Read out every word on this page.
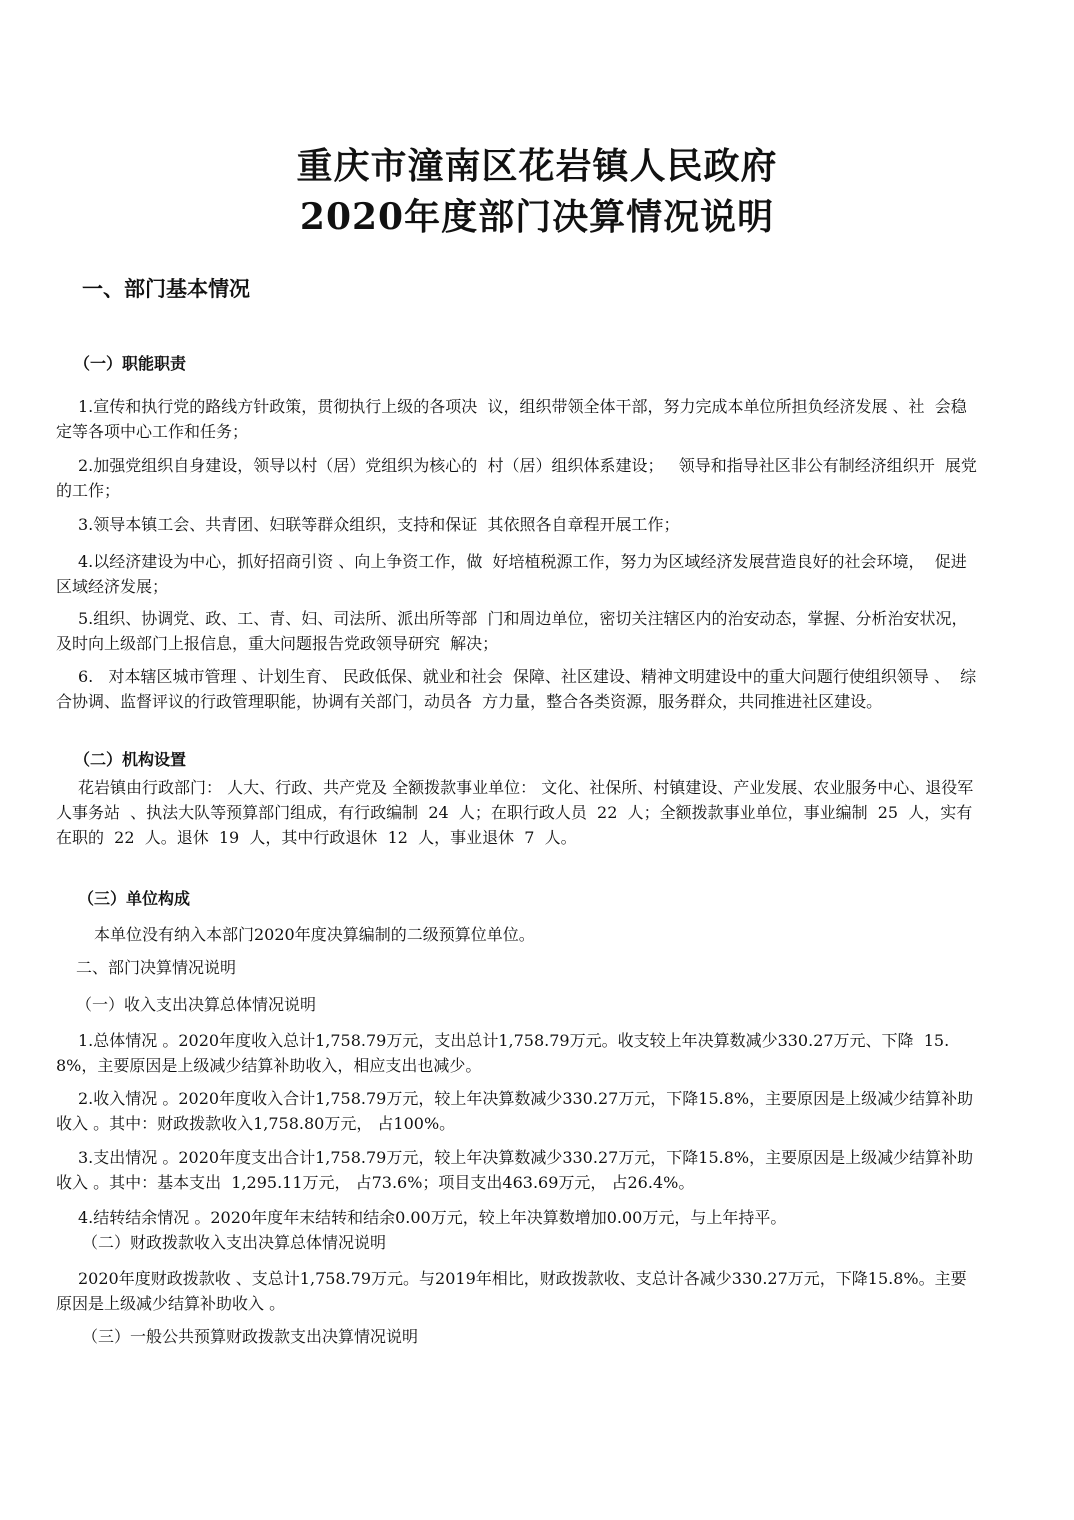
重庆市潼南区花岩镇人民政府
2020年度部门决算情况说明
一、部门基本情况
（一）职能职责
1.宣传和执行党的路线方针政策，贯彻执行上级的各项决  议，组织带领全体干部，努力完成本单位所担负经济发展 、社  会稳定等各项中心工作和任务；
2.加强党组织自身建设，领导以村（居）党组织为核心的  村（居）组织体系建设；   领导和指导社区非公有制经济组织开  展党的工作；
3.领导本镇工会、共青团、妇联等群众组织，支持和保证  其依照各自章程开展工作；
4.以经济建设为中心，抓好招商引资 、向上争资工作，做  好培植税源工作，努力为区域经济发展营造良好的社会环境，  促进区域经济发展；
5.组织、协调党、政、工、青、妇、司法所、派出所等部  门和周边单位，密切关注辖区内的治安动态，掌握、分析治安状况，及时向上级部门上报信息，重大问题报告党政领导研究  解决；
6.   对本辖区城市管理 、计划生育、 民政低保、就业和社会  保障、社区建设、精神文明建设中的重大问题行使组织领导 、  综合协调、监督评议的行政管理职能，协调有关部门，动员各  方力量，整合各类资源，服务群众，共同推进社区建设。
（二）机构设置
花岩镇由行政部门： 人大、行政、共产党及 全额拨款事业单位： 文化、社保所、村镇建设、产业发展、农业服务中心、退役军人事务站  、执法大队等预算部门组成，有行政编制  24  人；在职行政人员  22  人；全额拨款事业单位，事业编制  25  人，实有在职的  22  人。退休  19  人，其中行政退休  12  人，事业退休  7  人。
（三）单位构成
本单位没有纳入本部门2020年度决算编制的二级预算位单位。
二、部门决算情况说明
（一）收入支出决算总体情况说明
1.总体情况 。2020年度收入总计1,758.79万元，支出总计1,758.79万元。收支较上年决算数减少330.27万元、下降  15.8%，主要原因是上级减少结算补助收入，相应支出也减少。
2.收入情况 。2020年度收入合计1,758.79万元，较上年决算数减少330.27万元，下降15.8%，主要原因是上级减少结算补助收入 。其中：财政拨款收入1,758.80万元， 占100%。
3.支出情况 。2020年度支出合计1,758.79万元，较上年决算数减少330.27万元，下降15.8%，主要原因是上级减少结算补助收入 。其中：基本支出  1,295.11万元， 占73.6%；项目支出463.69万元， 占26.4%。
4.结转结余情况 。2020年度年末结转和结余0.00万元，较上年决算数增加0.00万元，与上年持平。
（二）财政拨款收入支出决算总体情况说明
2020年度财政拨款收 、支总计1,758.79万元。与2019年相比，财政拨款收、支总计各减少330.27万元，下降15.8%。主要原因是上级减少结算补助收入 。
（三）一般公共预算财政拨款支出决算情况说明
